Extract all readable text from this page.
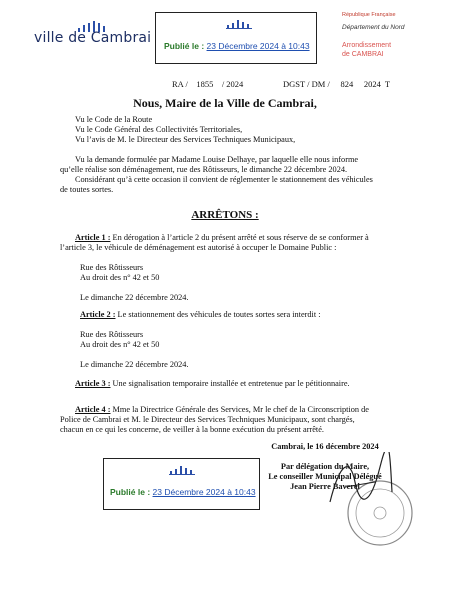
ville de Cambrai Publié le : 23 Décembre 2024 à 10:43
République Française
Département du Nord
Arrondissement
de CAMBRAI
RA /    1855    / 2024	DGST / DM /     824     2024  T
Nous, Maire de la Ville de Cambrai,
Vu le Code de la Route
Vu le Code Général des Collectivités Territoriales,
Vu l’avis de M. le Directeur des Services Techniques Municipaux,
Vu la demande formulée par Madame Louise Delhaye, par laquelle elle nous informe
qu’elle réalise son déménagement, rue des Rôtisseurs, le dimanche 22 décembre 2024.
Considérant qu’à cette occasion il convient de réglementer le stationnement des véhicules
de toutes sortes.
ARRÊTONS :
Article 1 : En dérogation à l’article 2 du présent arrêté et sous réserve de se conformer à
l’article 3, le véhicule de déménagement est autorisé à occuper le Domaine Public :
Rue des Rôtisseurs
Au droit des n° 42 et 50
Le dimanche 22 décembre 2024.
Article 2 : Le stationnement des véhicules de toutes sortes sera interdit :
Rue des Rôtisseurs
Au droit des n° 42 et 50
Le dimanche 22 décembre 2024.
Article 3 : Une signalisation temporaire installée et entretenue par le pétitionnaire.
Article 4 : Mme la Directrice Générale des Services, Mr le chef de la Circonscription de
Police de Cambrai et M. le Directeur des Services Techniques Municipaux, sont chargés,
chacun en ce qui les concerne, de veiller à la bonne exécution du présent arrêté.
Cambrai, le 16 décembre 2024
Par délégation du Maire,
Le conseiller Municipal Délégué
Jean Pierre Baverel
Publié le : 23 Décembre 2024 à 10:43
